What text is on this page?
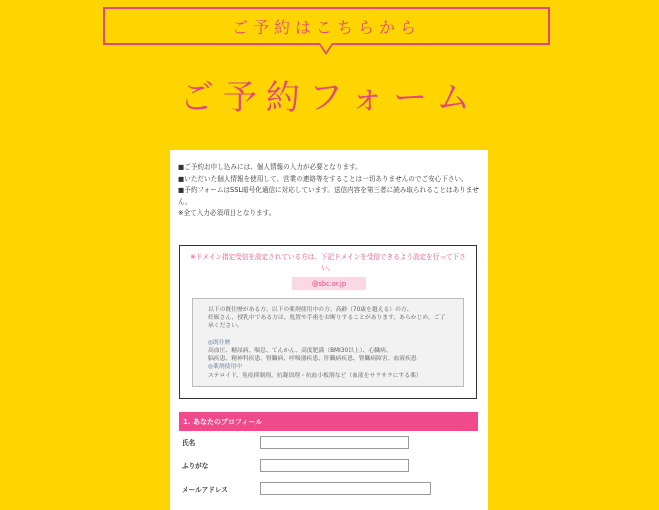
ご予約はこちらから
ご予約フォーム
■ご予約お申し込みには、個人情報の入力が必要となります。
■いただいた個人情報を使用して、営業の連絡等をすることは一切ありませんのでご安心下さい。
■予約フォームはSSL暗号化通信に対応しています。送信内容を第三者に読み取られることはありません。
※全て入力必須項目となります。
※ドメイン指定受信を設定されている方は、下記ドメインを受信できるよう設定を行って下さい。
@sbc.or.jp
以下の既往歴がある方、以下の薬剤使用中の方、高齢（70歳を越える）の方、
妊娠さん、授乳中である方は、処置や手術をお断りすることがあります。あらかじめ、ご了
承ください。

◎既往歴
高血圧、糖尿病、喘息、てんかん、高度肥満（BMI30以上）、心臓病、
脳疾患、精神科疾患、腎臓病、呼吸器疾患、肝臓病疾患、腎臓病障害、血液疾患
◎薬剤使用中
ステロイド、免疫抑制剤、抗凝固剤・抗血小板剤など（血液をサラサラにする薬）
1. あなたのプロフィール
氏名
ふりがな
メールアドレス
